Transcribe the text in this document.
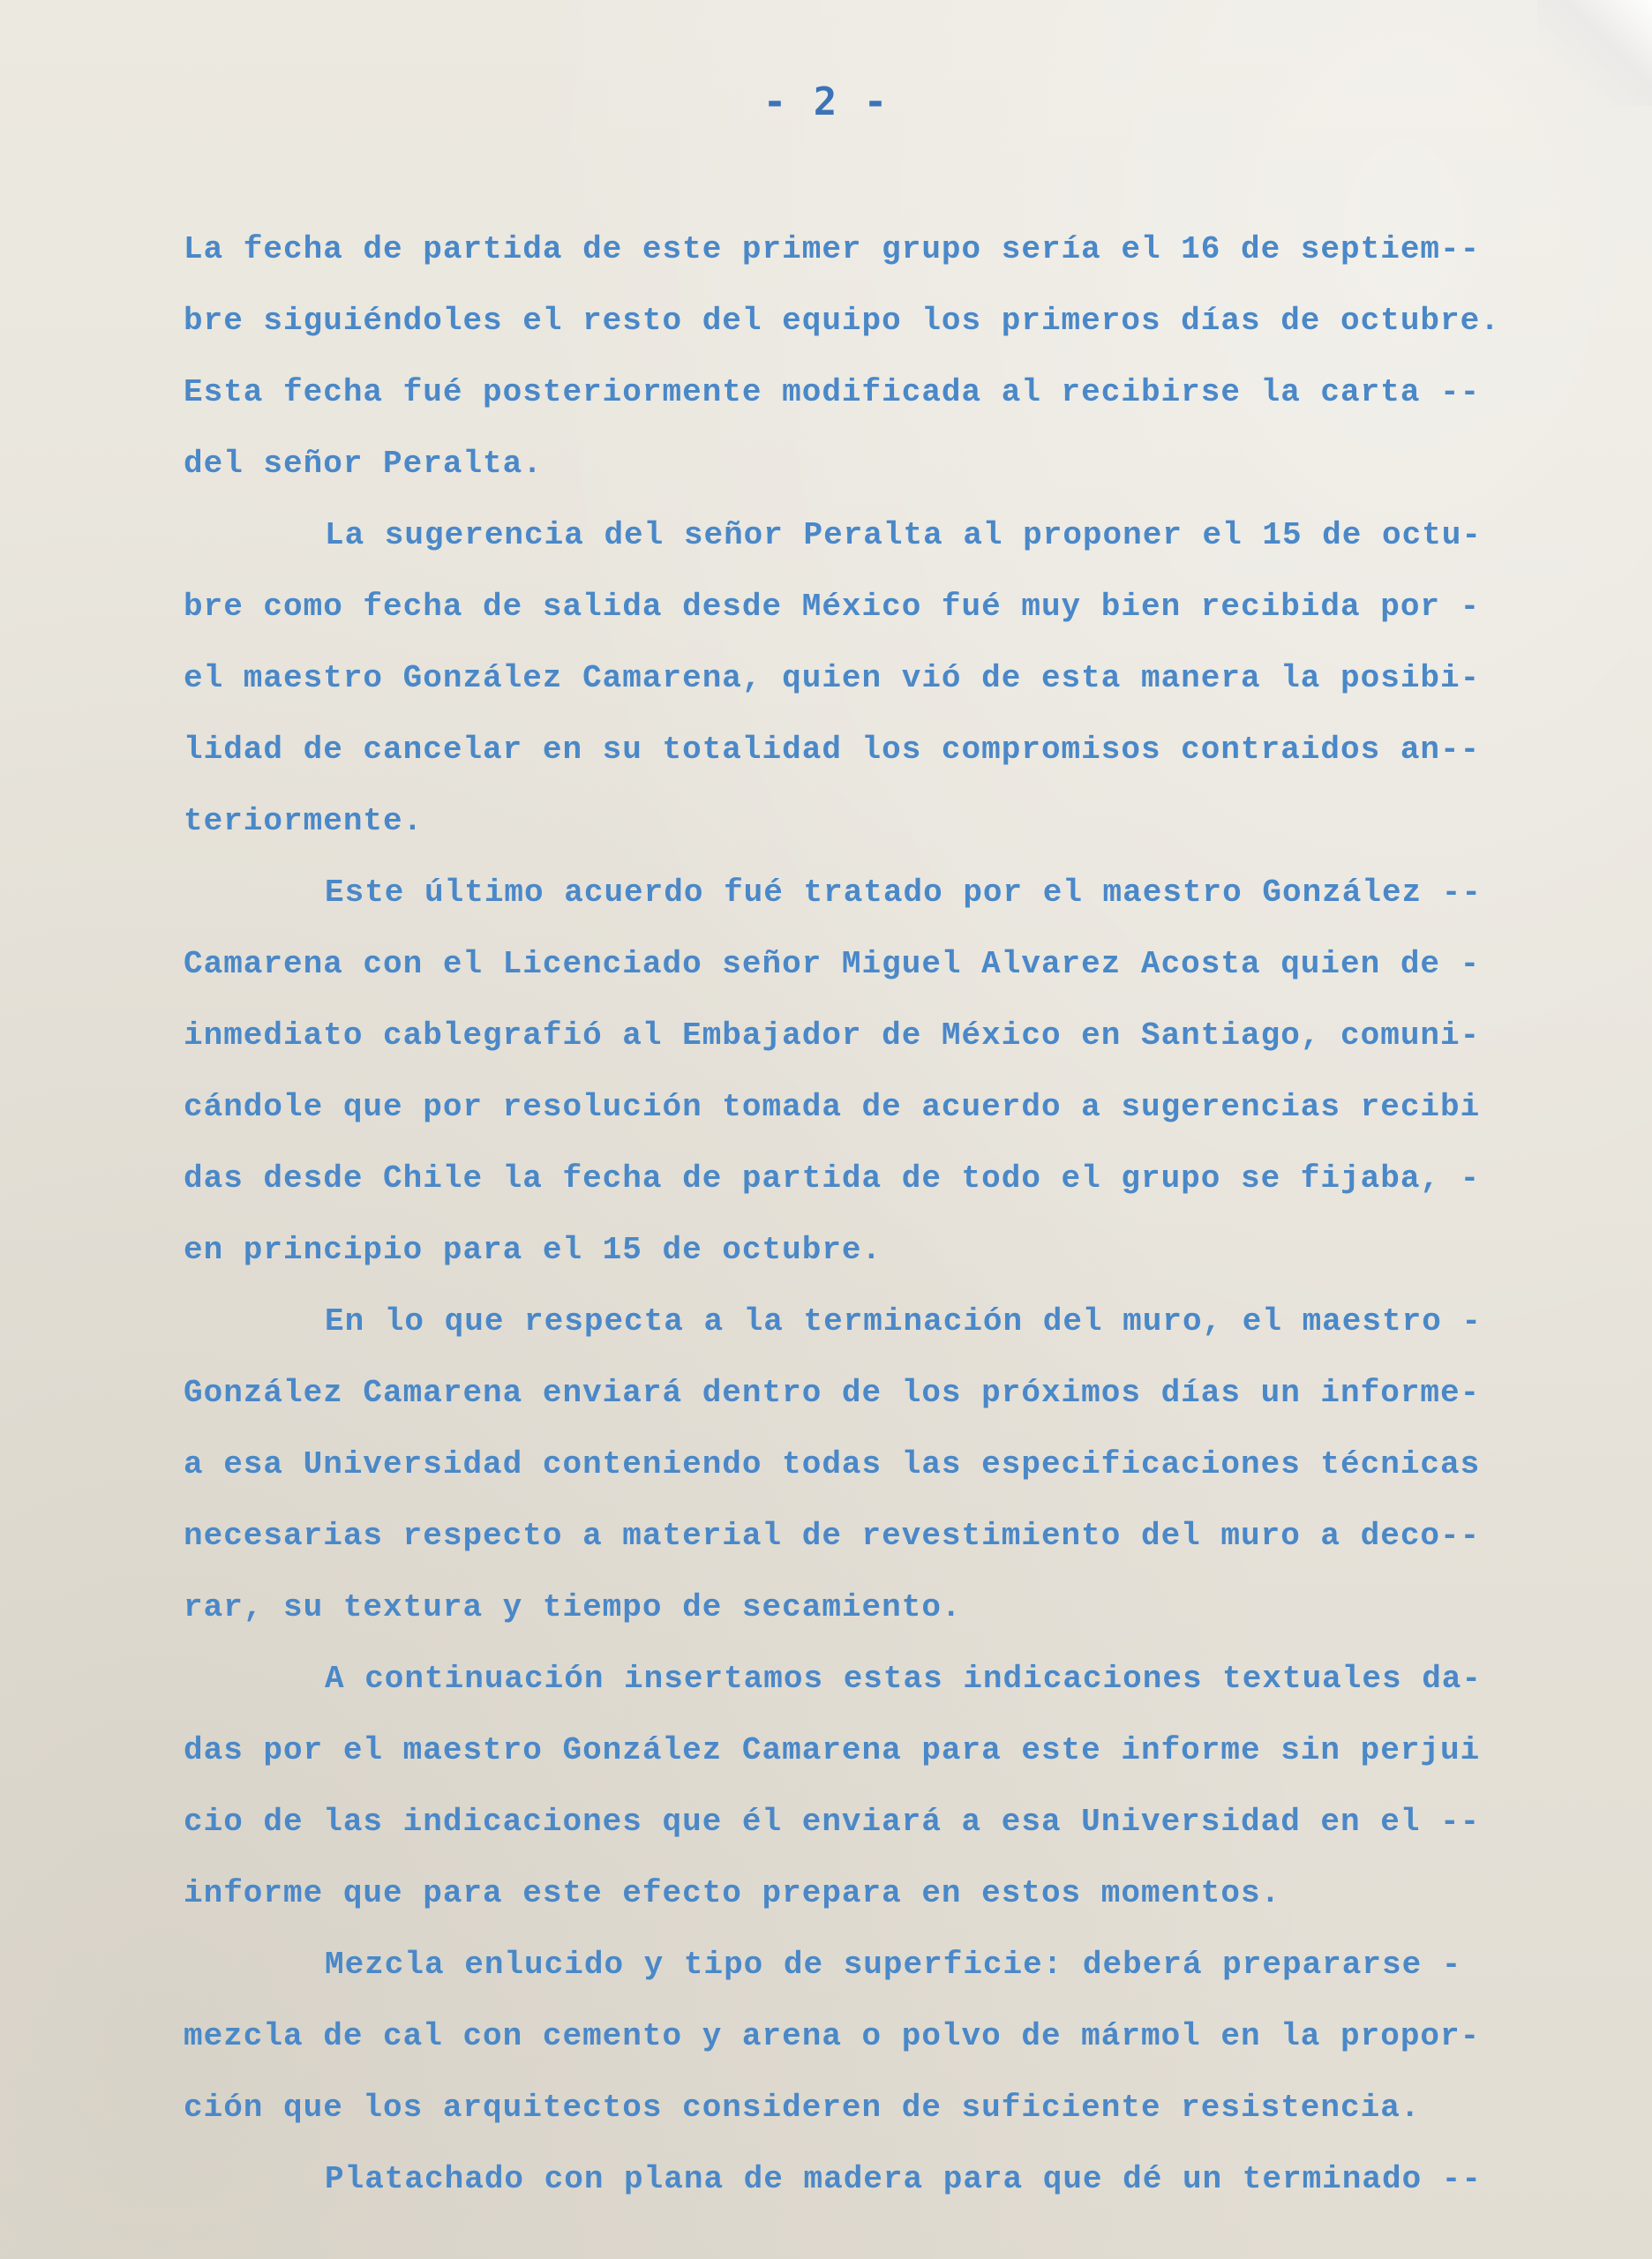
- 2 -
La fecha de partida de este primer grupo sería el 16 de septiem--
bre siguiéndoles el resto del equipo los primeros días de octubre.
Esta fecha fué posteriormente modificada al recibirse la carta --
del señor Peralta.
La sugerencia del señor Peralta al proponer el 15 de octu-
bre como fecha de salida desde México fué muy bien recibida por -
el maestro González Camarena, quien vió de esta manera la posibi-
lidad de cancelar en su totalidad los compromisos contraidos an--
teriormente.
Este último acuerdo fué tratado por el maestro González --
Camarena con el Licenciado señor Miguel Alvarez Acosta quien de -
inmediato cablegrafió al Embajador de México en Santiago, comuni-
cándole que por resolución tomada de acuerdo a sugerencias recibi
das desde Chile la fecha de partida de todo el grupo se fijaba, -
en principio para el 15 de octubre.
En lo que respecta a la terminación del muro, el maestro -
González Camarena enviará dentro de los próximos días un informe-
a esa Universidad conteniendo todas las especificaciones técnicas
necesarias respecto a material de revestimiento del muro a deco--
rar, su textura y tiempo de secamiento.
A continuación insertamos estas indicaciones textuales da-
das por el maestro González Camarena para este informe sin perjui
cio de las indicaciones que él enviará a esa Universidad en el --
informe que para este efecto prepara en estos momentos.
Mezcla enlucido y tipo de superficie: deberá prepararse -
mezcla de cal con cemento y arena o polvo de mármol en la propor-
ción que los arquitectos consideren de suficiente resistencia.
Platachado con plana de madera para que dé un terminado --
